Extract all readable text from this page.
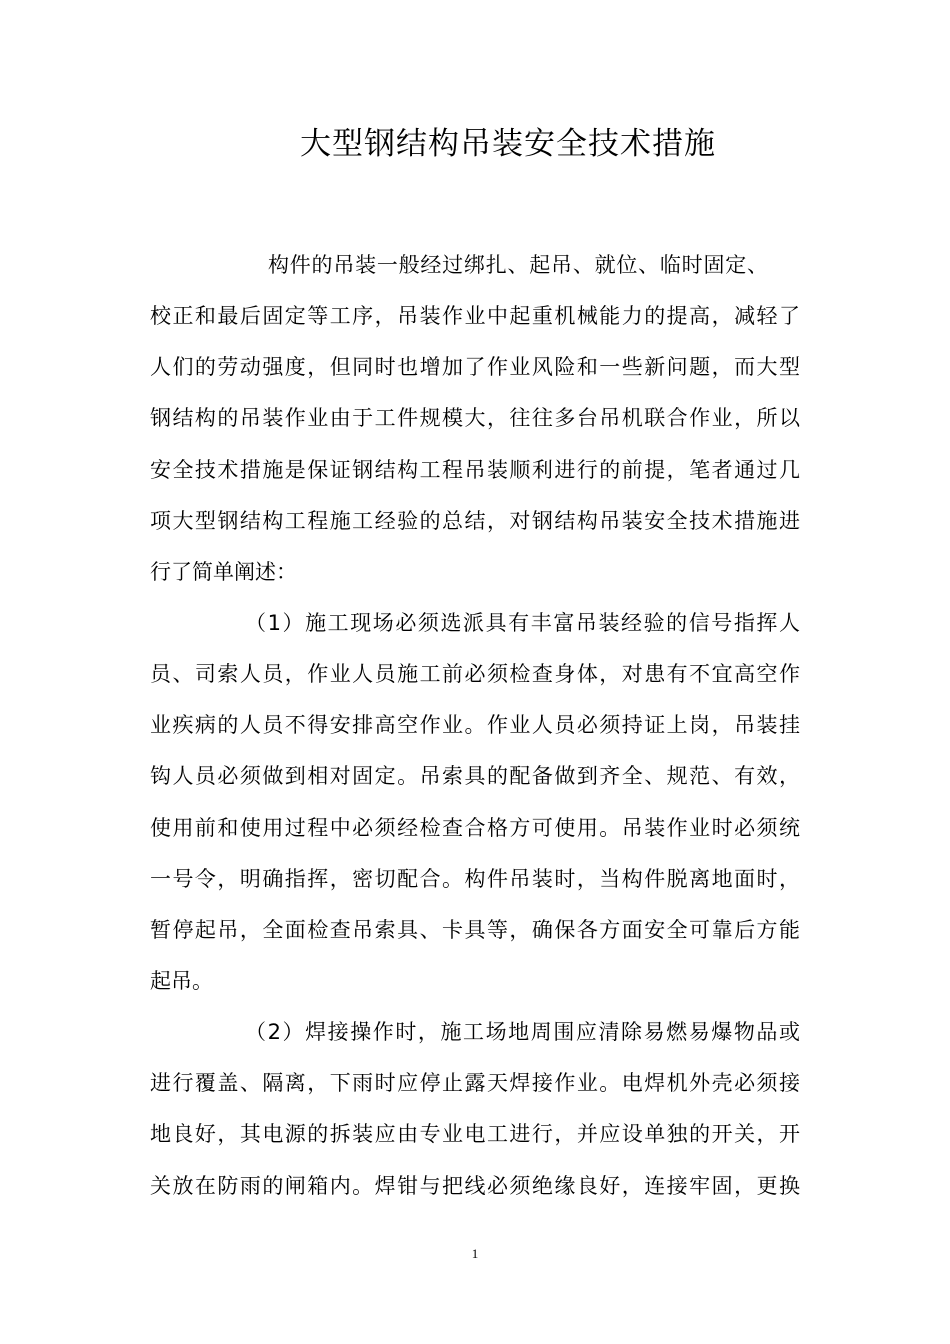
大型钢结构吊装安全技术措施
构件的吊装一般经过绑扎、起吊、就位、临时固定、
校正和最后固定等工序，吊装作业中起重机械能力的提高，减轻了
人们的劳动强度，但同时也增加了作业风险和一些新问题，而大型
钢结构的吊装作业由于工件规模大，往往多台吊机联合作业，所以
安全技术措施是保证钢结构工程吊装顺利进行的前提，笔者通过几
项大型钢结构工程施工经验的总结，对钢结构吊装安全技术措施进
行了简单阐述：
（1）施工现场必须选派具有丰富吊装经验的信号指挥人
员、司索人员，作业人员施工前必须检查身体，对患有不宜高空作
业疾病的人员不得安排高空作业。作业人员必须持证上岗，吊装挂
钩人员必须做到相对固定。吊索具的配备做到齐全、规范、有效，
使用前和使用过程中必须经检查合格方可使用。吊装作业时必须统
一号令，明确指挥，密切配合。构件吊装时，当构件脱离地面时，
暂停起吊，全面检查吊索具、卡具等，确保各方面安全可靠后方能
起吊。
（2）焊接操作时，施工场地周围应清除易燃易爆物品或
进行覆盖、隔离，下雨时应停止露天焊接作业。电焊机外壳必须接
地良好，其电源的拆装应由专业电工进行，并应设单独的开关，开
关放在防雨的闸箱内。焊钳与把线必须绝缘良好，连接牢固，更换
1
